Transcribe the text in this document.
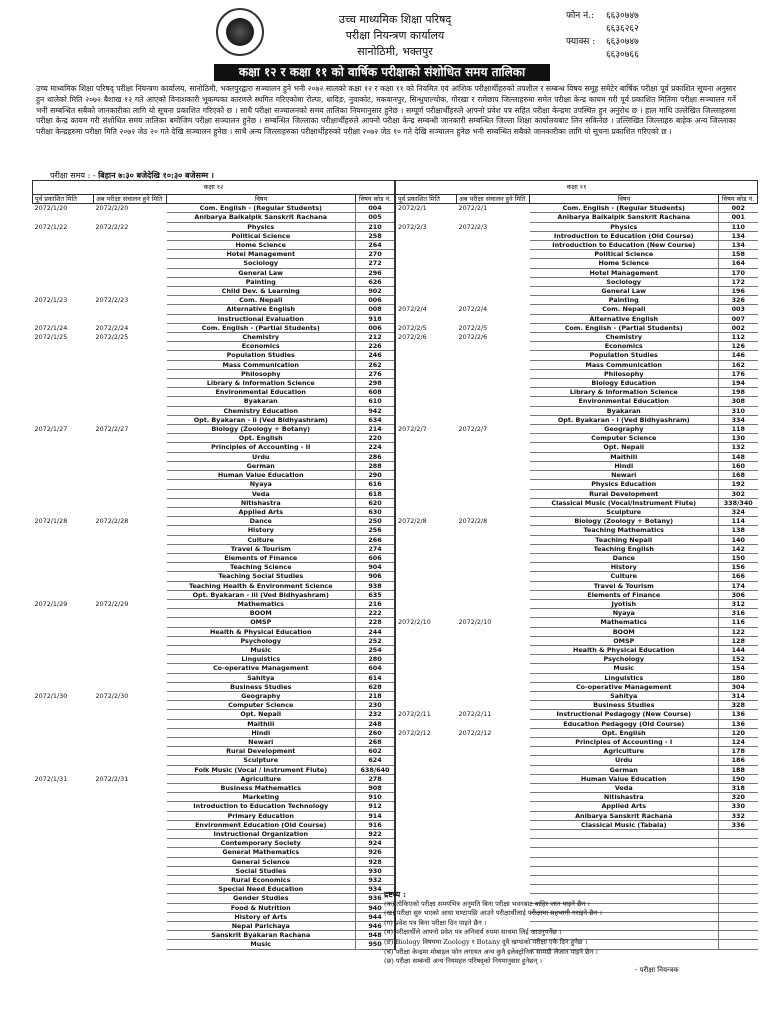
उच्च माध्यमिक शिक्षा परिषद्
परीक्षा नियन्त्रण कार्यालय
सानोठिमी, भक्तपुर
फोन नं.:	६६३०७४७
६६३६२६२
फ्याक्स :	६६३०७४७
६६३०७६६
कक्षा १२ र कक्षा ११ को वार्षिक परीक्षाको संशोधित समय तालिका
उच्च माध्यमिक शिक्षा परिषद् परीक्षा नियन्त्रण कार्यालय, सानोठिमी, भक्तपुरद्वारा सञ्चालन हुने भनी २०७२ सालको कक्षा १२ र कक्षा ११ को नियमित एवं आंशिक परीक्षार्थीहरुको तपशील र सम्बन्ध विषय समूह समेटेर बार्षिक परीक्षा पूर्व प्रकाशित सूचना अनुसार हुन थालेको मिति २०७२ बैशाख १२ गते आएको विनाशकारी भूकम्पका कारणले स्थगित गरिएकोमा रोल्पा, धादिङ, नुवाकोट, मकवानपुर, सिन्धुपाल्चोक, गोरखा र रामेछाप जिल्लाहरुमा समेत परीक्षा केन्द्र कायम गरी पूर्व प्रकाशित मितिमा परीक्षा सञ्चालन गर्ने भनी सम्बन्धित सबैको जानकारीका लागि यो सूचना प्रकाशित गरिएको छ । साथै परीक्षा सञ्चालनको समय तालिका नियमानुसार हुनेछ । सम्पूर्ण परीक्षार्थीहरुले आफ्नो प्रवेश पत्र सहित परीक्षा केन्द्रमा उपस्थित हुन अनुरोध छ । हाल माथि उल्लेखित जिल्लाहरुमा परीक्षा केन्द्र कायम गरी संशोधित समय तालिका बमोजिम परीक्षा सञ्चालन हुनेछ । सम्बन्धित जिल्लाका परीक्षार्थीहरुले आफ्नो परीक्षा केन्द्र सम्बन्धी जानकारी सम्बन्धित जिल्ला शिक्षा कार्यालयबाट लिन सकिनेछ । उल्लिखित जिल्लाहरु बाहेक अन्य जिल्लाका परीक्षा केन्द्रहरुमा परीक्षा मिति २०७२ जेठ २० गते देखि सञ्चालन हुनेछ । साथै अन्य जिल्लाहरुका परीक्षार्थीहरुको परीक्षा २०७२ जेठ १० गते देखि सञ्चालन हुनेछ भनी सम्बन्धित सबैको जानकारीका लागि यो सूचना प्रकाशित गरिएको छ ।
परीक्षा समय : - बिहान ७:३० बजेदेखि १०:३० बजेसम्म ।
कक्षा १२				कक्षा ११			
पूर्व प्रकाशित मिति	अब परीक्षा संचालन हुने मिति	विषय	विषय कोड नं.	पूर्व प्रकाशित मिति	अब परीक्षा संचालन हुने मिति	विषय	विषय कोड नं.
2072/1/20	2072/2/20	Com. English - (Regular Students)	004	2072/2/1	2072/2/1	Com. English - (Regular Students)	002
		Anibarya Baikalpik Sanskrit Rachana	005			Anibarya Baikalpik Sanskrit Rachana	001
2072/1/22	2072/2/22	Physics	210	2072/2/3	2072/2/3	Physics	110
		Political Science	258			Introduction to Education (Old Course)	134
		Home Science	264			Introduction to Education (New Course)	134
		Hotel Management	270			Political Science	158
		Sociology	272			Home Science	164
		General Law	296			Hotel Management	170
		Painting	626			Sociology	172
		Child Dev. & Learning	902			General Law	196
2072/1/23	2072/2/23	Com. Nepali	006			Painting	326
		Alternative English	008	2072/2/4	2072/2/4	Com. Nepali	003
		Instructional Evaluation	918			Alternative English	007
2072/1/24	2072/2/24	Com. English - (Partial Students)	006	2072/2/5	2072/2/5	Com. English - (Partial Students)	002
2072/1/25	2072/2/25	Chemistry	212	2072/2/6	2072/2/6	Chemistry	112
		Economics	226			Economics	126
		Population Studies	246			Population Studies	146
		Mass Communication	262			Mass Communication	162
		Philosophy	276			Philosophy	176
		Library & Information Science	298			Biology Education	194
		Environmental Education	608			Library & Information Science	198
		Byakaran	610			Environmental Education	308
		Chemistry Education	942			Byakaran	310
		Opt. Byakaran - ii (Ved Bidhyashram)	634			Opt. Byakaran - i (Ved Bidhyashram)	334
2072/1/27	2072/2/27	Biology (Zoology + Botany)	214	2072/2/7	2072/2/7	Geography	118
		Opt. English	220			Computer Science	130
		Principles of Accounting - II	224			Opt. Nepali	132
		Urdu	286			Maithili	148
		German	288			Hindi	160
		Human Value Education	290			Newari	168
		Nyaya	616			Physics Education	192
		Veda	618			Rural Development	302
		Nitishastra	620			Classical Music (Vocal/Instrument Flute)	338/340
		Applied Arts	630			Sculpture	324
2072/1/28	2072/2/28	Dance	250	2072/2/8	2072/2/8	Biology (Zoology + Botany)	114
		History	256			Teaching Mathematics	138
		Culture	266			Teaching Nepali	140
		Travel & Tourism	274			Teaching English	142
		Elements of Finance	606			Dance	150
		Teaching Science	904			History	156
		Teaching Social Studies	906			Culture	166
		Teaching Health & Environment Science	938			Travel & Tourism	174
		Opt. Byakaran - iii (Ved Bidhyashram)	635			Elements of Finance	306
2072/1/29	2072/2/29	Mathematics	216			Jyotish	312
		BOOM	222			Nyaya	316
		OMSP	228	2072/2/10	2072/2/10	Mathematics	116
		Health & Physical Education	244			BOOM	122
		Psychology	252			OMSP	128
		Music	254			Health & Physical Education	144
		Linguistics	280			Psychology	152
		Co-operative Management	604			Music	154
		Sahitya	614			Linguistics	180
		Business Studies	628			Co-operative Management	304
2072/1/30	2072/2/30	Geography	218			Sahitya	314
		Computer Science	230			Business Studies	328
		Opt. Nepali	232	2072/2/11	2072/2/11	Instructional Pedagogy (New Course)	136
		Maithili	248			Education Pedagogy (Old Course)	136
		Hindi	260	2072/2/12	2072/2/12	Opt. English	120
		Newari	268			Principles of Accounting - I	124
		Rural Development	602			Agriculture	178
		Sculpture	624			Urdu	186
		Folk Music (Vocal / Instrument Flute)	638/640			German	188
2072/1/31	2072/2/31	Agriculture	278			Human Value Education	190
		Business Mathematics	908			Veda	318
		Marketing	910			Nitishastra	320
		Introduction to Education Technology	912			Applied Arts	330
		Primary Education	914			Anibarya Sanskrit Rachana	332
		Environment Education (Old Course)	916			Classical Music (Tabala)	336
		Instructional Organization	922				
		Contemporary Society	924				
		General Mathematics	926				
		General Science	928				
		Social Studies	930				
		Rural Economics	932				
		Special Need Education	934				
		Gender Studies	936				
		Food & Nutrition	940				
		History of Arts	944				
		Nepal Parichaya	946				
		Sanskrit Byakaran Rachana	948				
		Music	950				
द्रष्टव्य :
(क) तोकिएको परीक्षा समयभित्र अनुमति बिना परीक्षा भवनबाट बाहिर जान पाइने छैन ।
(ख) परीक्षा सुरु भएको आधा घण्टापछि आउने परीक्षार्थीलाई परीक्षामा सहभागी गराइने छैन ।
(ग) प्रवेश पत्र बिना परीक्षा दिन पाइने छैन ।
(घ) परीक्षार्थीले आफ्नो प्रवेश पत्र अनिवार्य रुपमा साथमा लिई आउनुपर्नेछ ।
(ङ) Biology विषयमा Zoology र Botany दुवै खण्डको परीक्षा एकै दिन हुनेछ ।
(च) परीक्षा केन्द्रमा मोबाइल फोन लगायत अन्य कुनै इलेक्ट्रोनिक सामग्री लैजान पाइने छैन ।
(छ) परीक्षा सम्बन्धी अन्य नियमहरु परिषद्को नियमानुसार हुनेछन् ।
- परीक्षा नियन्त्रक
